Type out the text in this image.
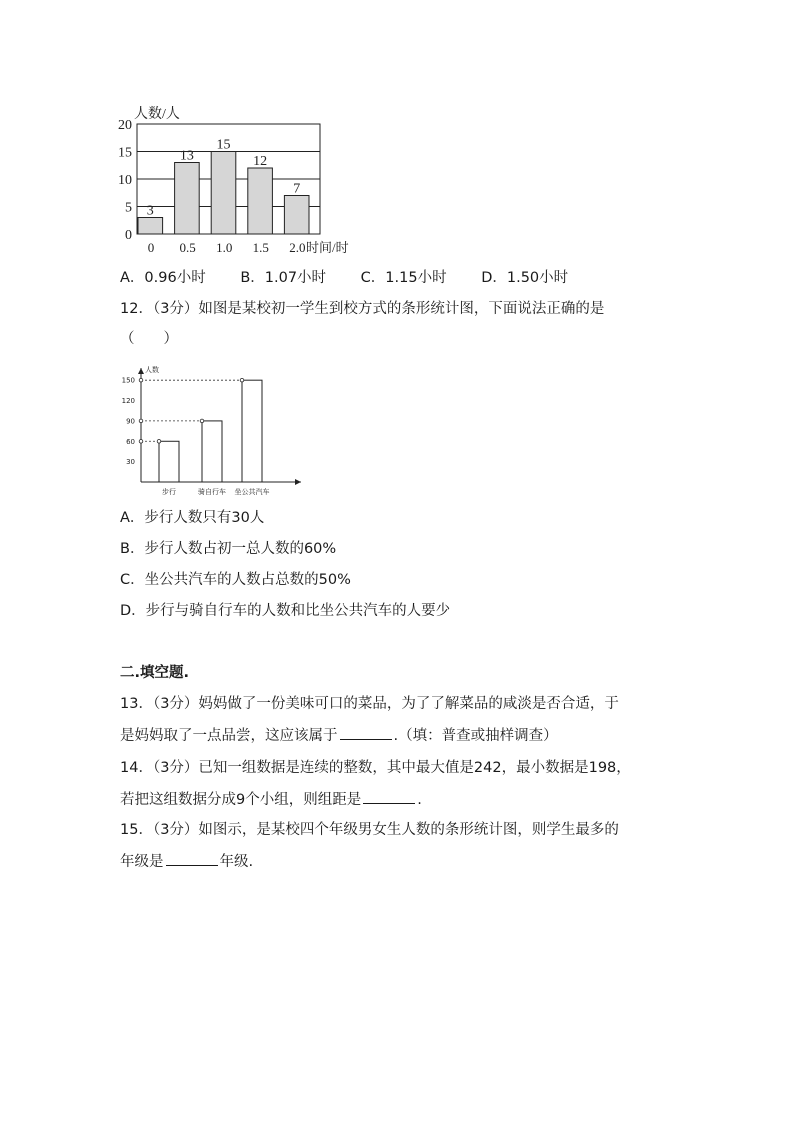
0
5
10
15
20
3
13
15
12
7
0 0.5 1.0 1.5 2.0
人数/人
时间/时
A．0.96小时 B．1.07小时 C．1.15小时 D．1.50小时
12．（3分）如图是某校初一学生到校方式的条形统计图，下面说法正确的是
（　　）
人数
30
60
90
120
150
步行	骑自行车 坐公共汽车
A．步行人数只有30人
B．步行人数占初一总人数的60%
C．坐公共汽车的人数占总数的50%
D．步行与骑自行车的人数和比坐公共汽车的人要少
二.填空题.
13．（3分）妈妈做了一份美味可口的菜品，为了了解菜品的咸淡是否合适，于
是妈妈取了一点品尝，这应该属于	.（填：普查或抽样调查）
14．（3分）已知一组数据是连续的整数，其中最大值是242，最小数据是198，
若把这组数据分成9个小组，则组距是	.
15．（3分）如图示，是某校四个年级男女生人数的条形统计图，则学生最多的
年级是	年级.
